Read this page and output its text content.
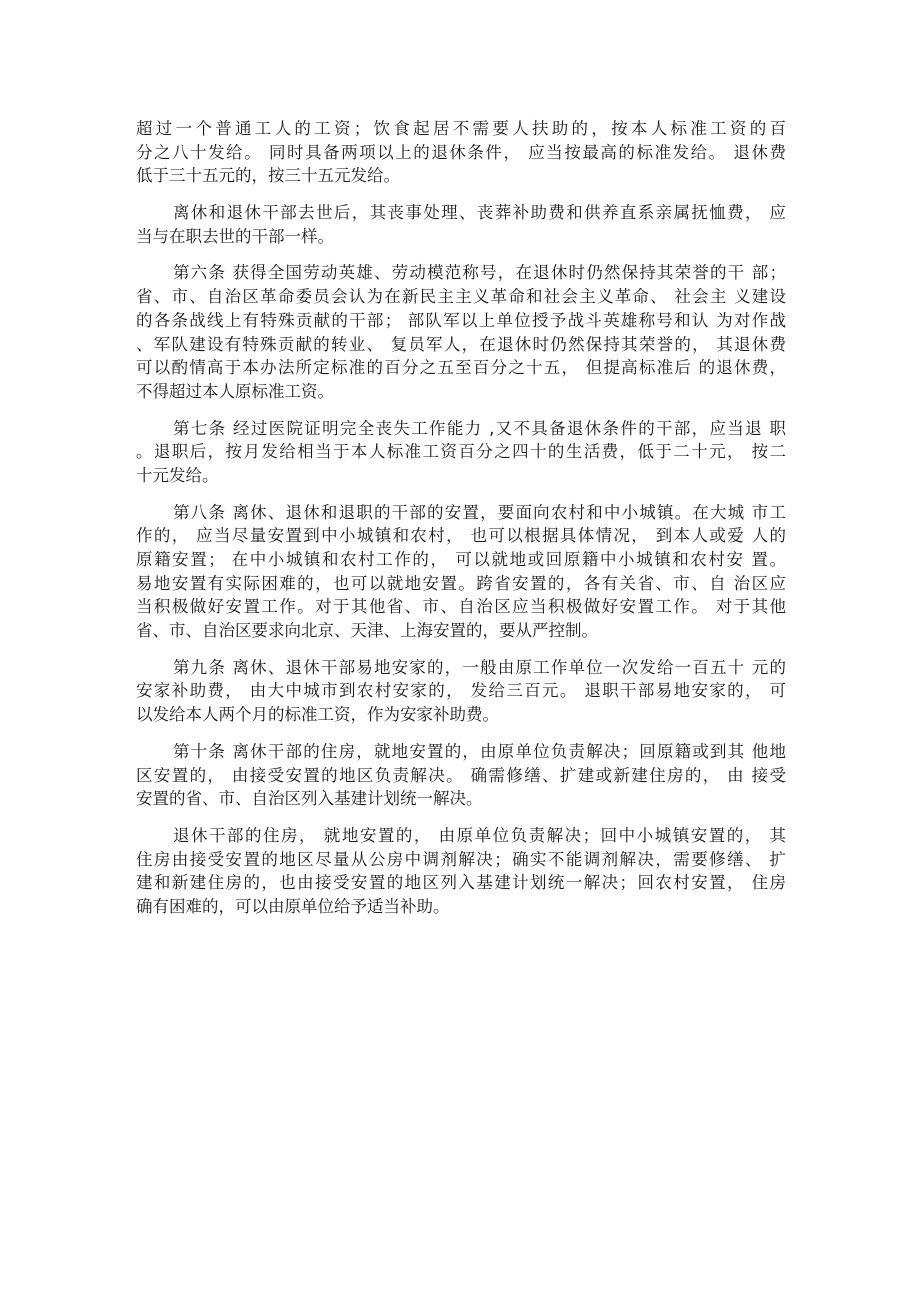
超过一个普通工人的工资；饮食起居不需要人扶助的，按本人标准工资的百
分之八十发给。 同时具备两项以上的退休条件， 应当按最高的标准发给。 退休费
低于三十五元的，按三十五元发给。
离休和退休干部去世后，其丧事处理、丧葬补助费和供养直系亲属抚恤费， 应
当与在职去世的干部一样。
第六条 获得全国劳动英雄、劳动模范称号，在退休时仍然保持其荣誉的干 部；
省、市、自治区革命委员会认为在新民主主义革命和社会主义革命、 社会主 义建设
的各条战线上有特殊贡献的干部； 部队军以上单位授予战斗英雄称号和认 为对作战
、军队建设有特殊贡献的转业、 复员军人，在退休时仍然保持其荣誉的， 其退休费
可以酌情高于本办法所定标准的百分之五至百分之十五， 但提高标准后 的退休费，
不得超过本人原标准工资。
第七条 经过医院证明完全丧失工作能力 ,又不具备退休条件的干部，应当退 职
。退职后，按月发给相当于本人标准工资百分之四十的生活费，低于二十元， 按二
十元发给。
第八条 离休、退休和退职的干部的安置，要面向农村和中小城镇。在大城 市工
作的， 应当尽量安置到中小城镇和农村， 也可以根据具体情况， 到本人或爱 人的
原籍安置； 在中小城镇和农村工作的， 可以就地或回原籍中小城镇和农村安 置。
易地安置有实际困难的，也可以就地安置。跨省安置的，各有关省、市、自 治区应
当积极做好安置工作。对于其他省、市、自治区应当积极做好安置工作。 对于其他
省、市、自治区要求向北京、天津、上海安置的，要从严控制。
第九条 离休、退休干部易地安家的，一般由原工作单位一次发给一百五十 元的
安家补助费， 由大中城市到农村安家的， 发给三百元。 退职干部易地安家的， 可
以发给本人两个月的标准工资，作为安家补助费。
第十条 离休干部的住房，就地安置的，由原单位负责解决；回原籍或到其 他地
区安置的， 由接受安置的地区负责解决。 确需修缮、扩建或新建住房的， 由 接受
安置的省、市、自治区列入基建计划统一解决。
退休干部的住房， 就地安置的， 由原单位负责解决；回中小城镇安置的， 其
住房由接受安置的地区尽量从公房中调剂解决；确实不能调剂解决，需要修缮、 扩
建和新建住房的，也由接受安置的地区列入基建计划统一解决；回农村安置， 住房
确有困难的，可以由原单位给予适当补助。
